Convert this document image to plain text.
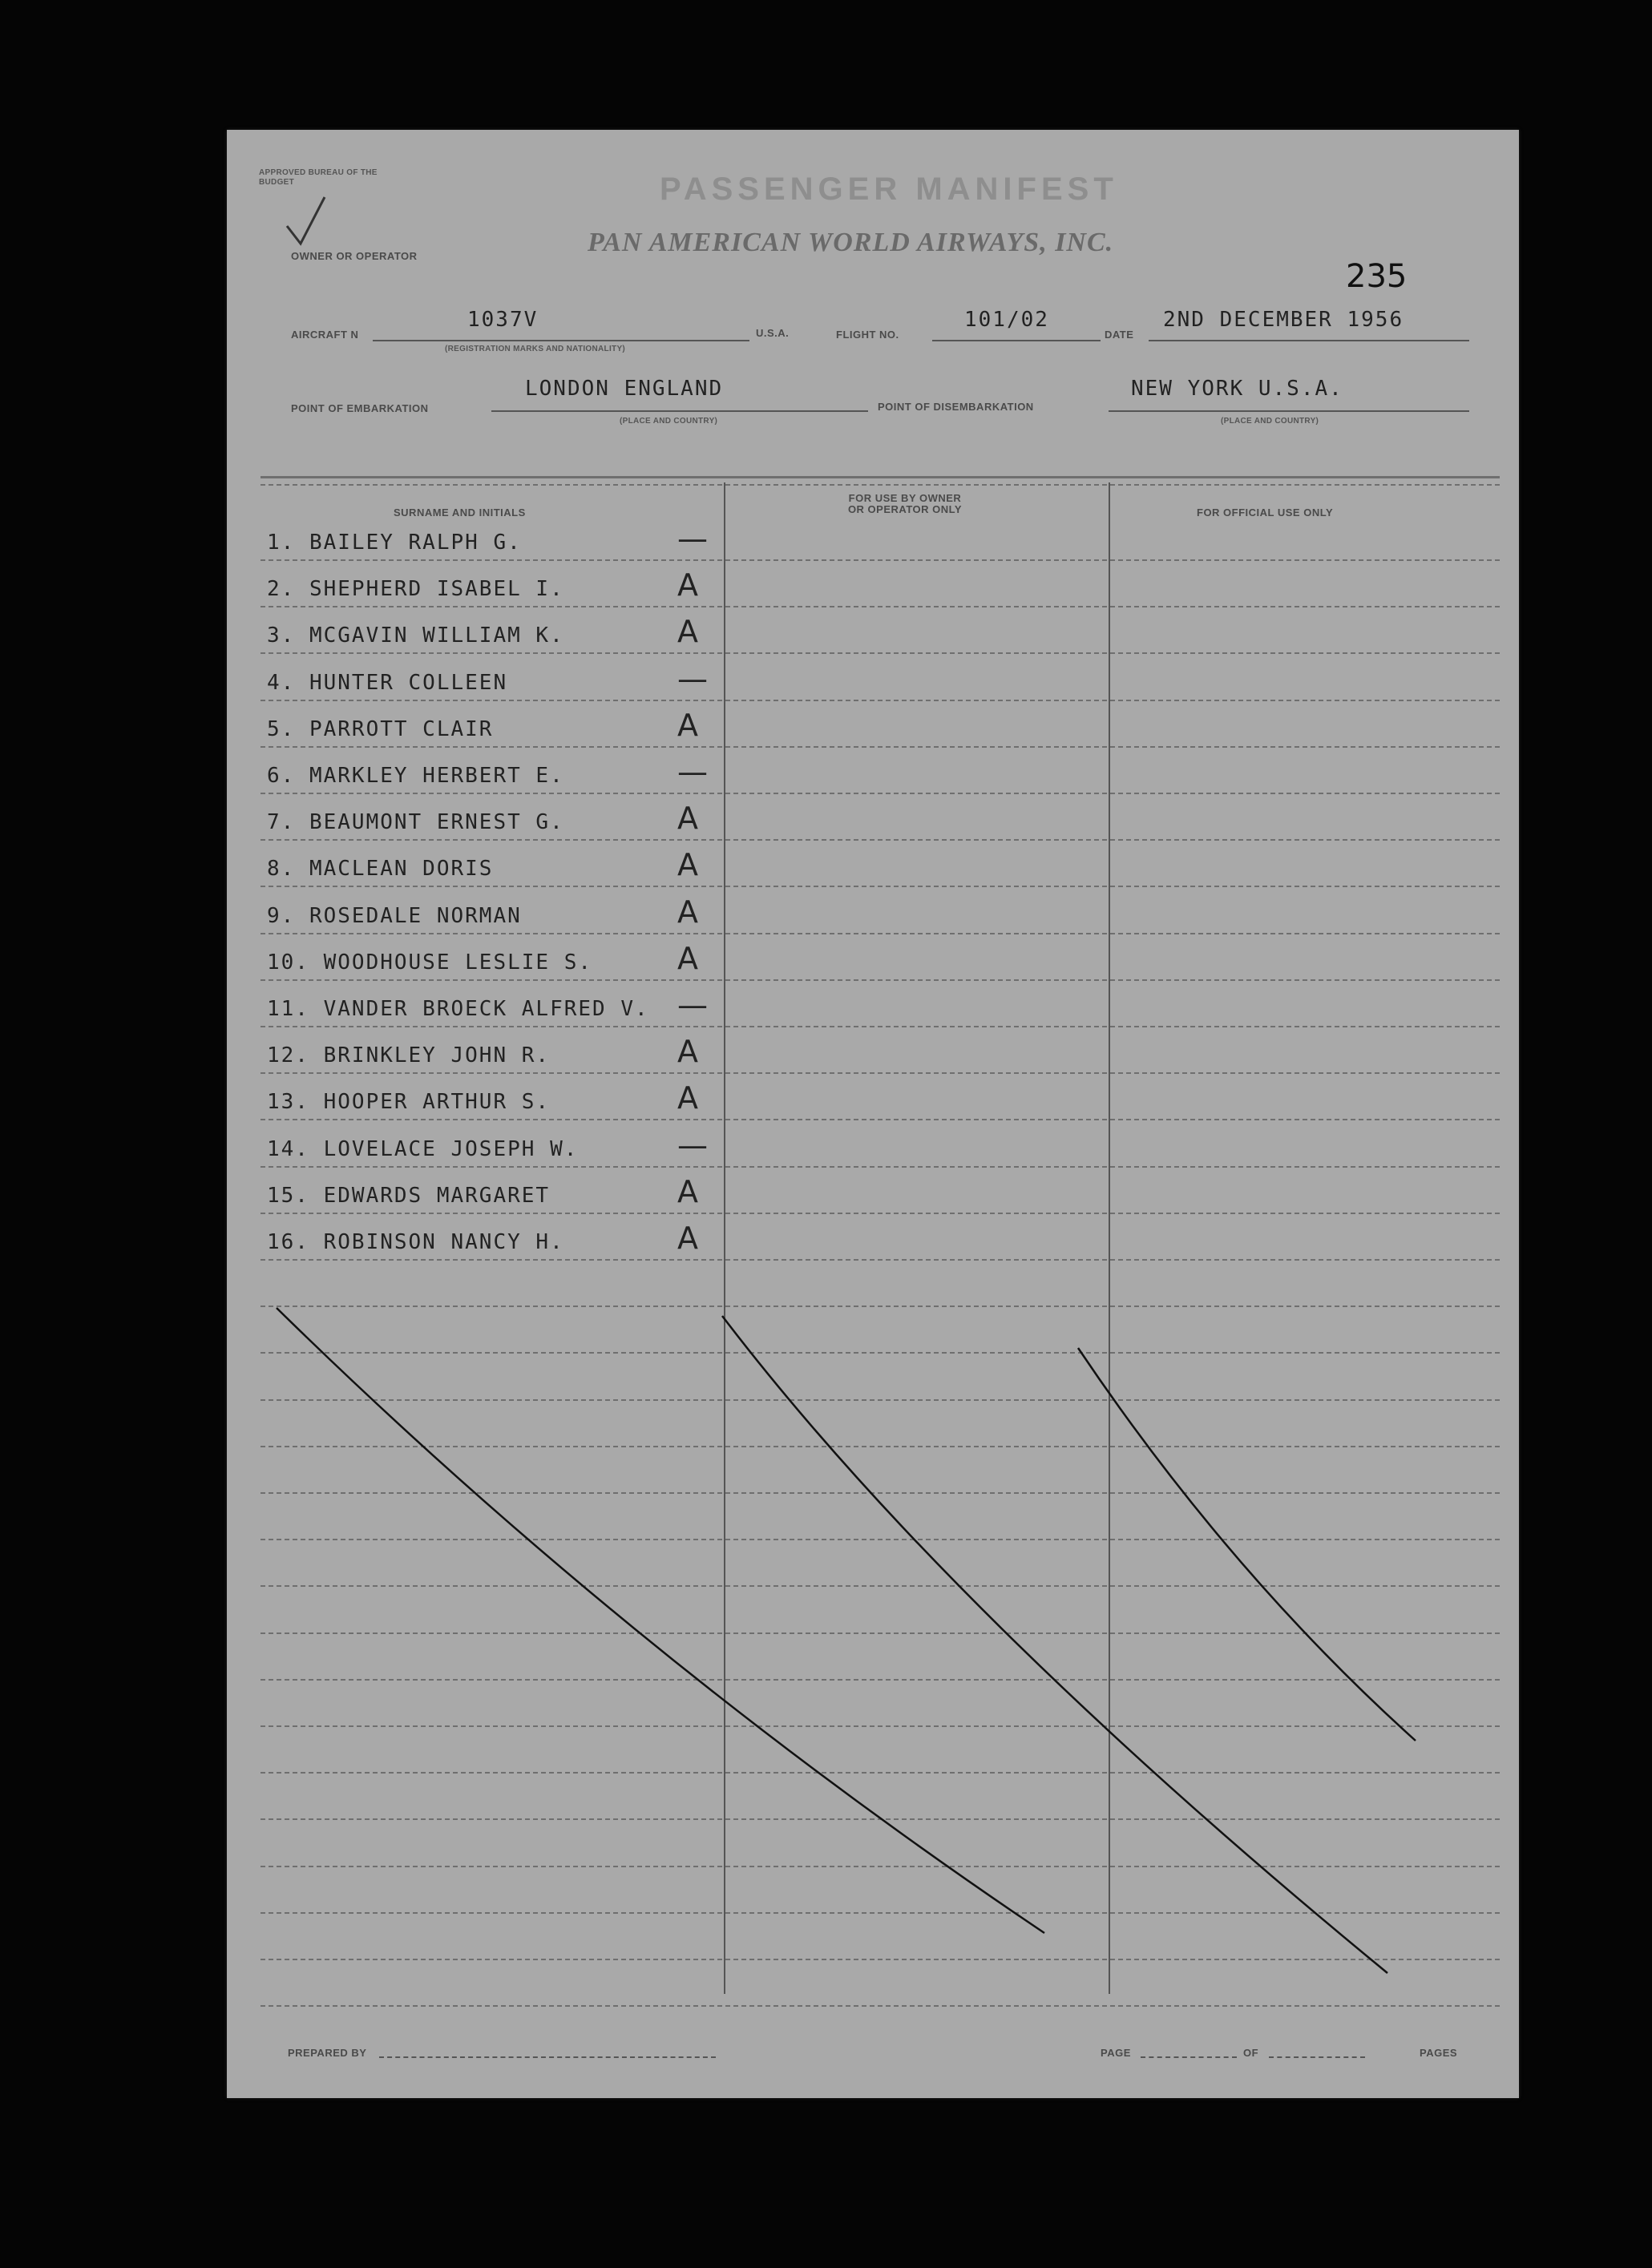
APPROVED BUREAU OF THE BUDGET
OWNER OR OPERATOR
PASSENGER MANIFEST
PAN AMERICAN WORLD AIRWAYS, INC.
235
AIRCRAFT N
1037V
(REGISTRATION MARKS AND NATIONALITY)
U.S.A.	FLIGHT NO.
101/02
DATE
2ND DECEMBER 1956
POINT OF EMBARKATION
LONDON ENGLAND
(PLACE AND COUNTRY)
POINT OF DISEMBARKATION
NEW YORK U.S.A.
(PLACE AND COUNTRY)
SURNAME AND INITIALS
FOR USE BY OWNER
OR OPERATOR ONLY	FOR OFFICIAL USE ONLY
1. BAILEY RALPH G.	—
2. SHEPHERD ISABEL I.	A
3. MCGAVIN WILLIAM K.	A
4. HUNTER COLLEEN	—
5. PARROTT CLAIR	A
6. MARKLEY HERBERT E.	—
7. BEAUMONT ERNEST G.	A
8. MACLEAN DORIS	A
9. ROSEDALE NORMAN	A
10. WOODHOUSE LESLIE S.	A
11. VANDER BROECK ALFRED V. —
12. BRINKLEY JOHN R.	A
13. HOOPER ARTHUR S.	A
14. LOVELACE JOSEPH W.	—
15. EDWARDS MARGARET	A
16. ROBINSON NANCY H.	A
PREPARED BY	PAGE	OF	PAGES
